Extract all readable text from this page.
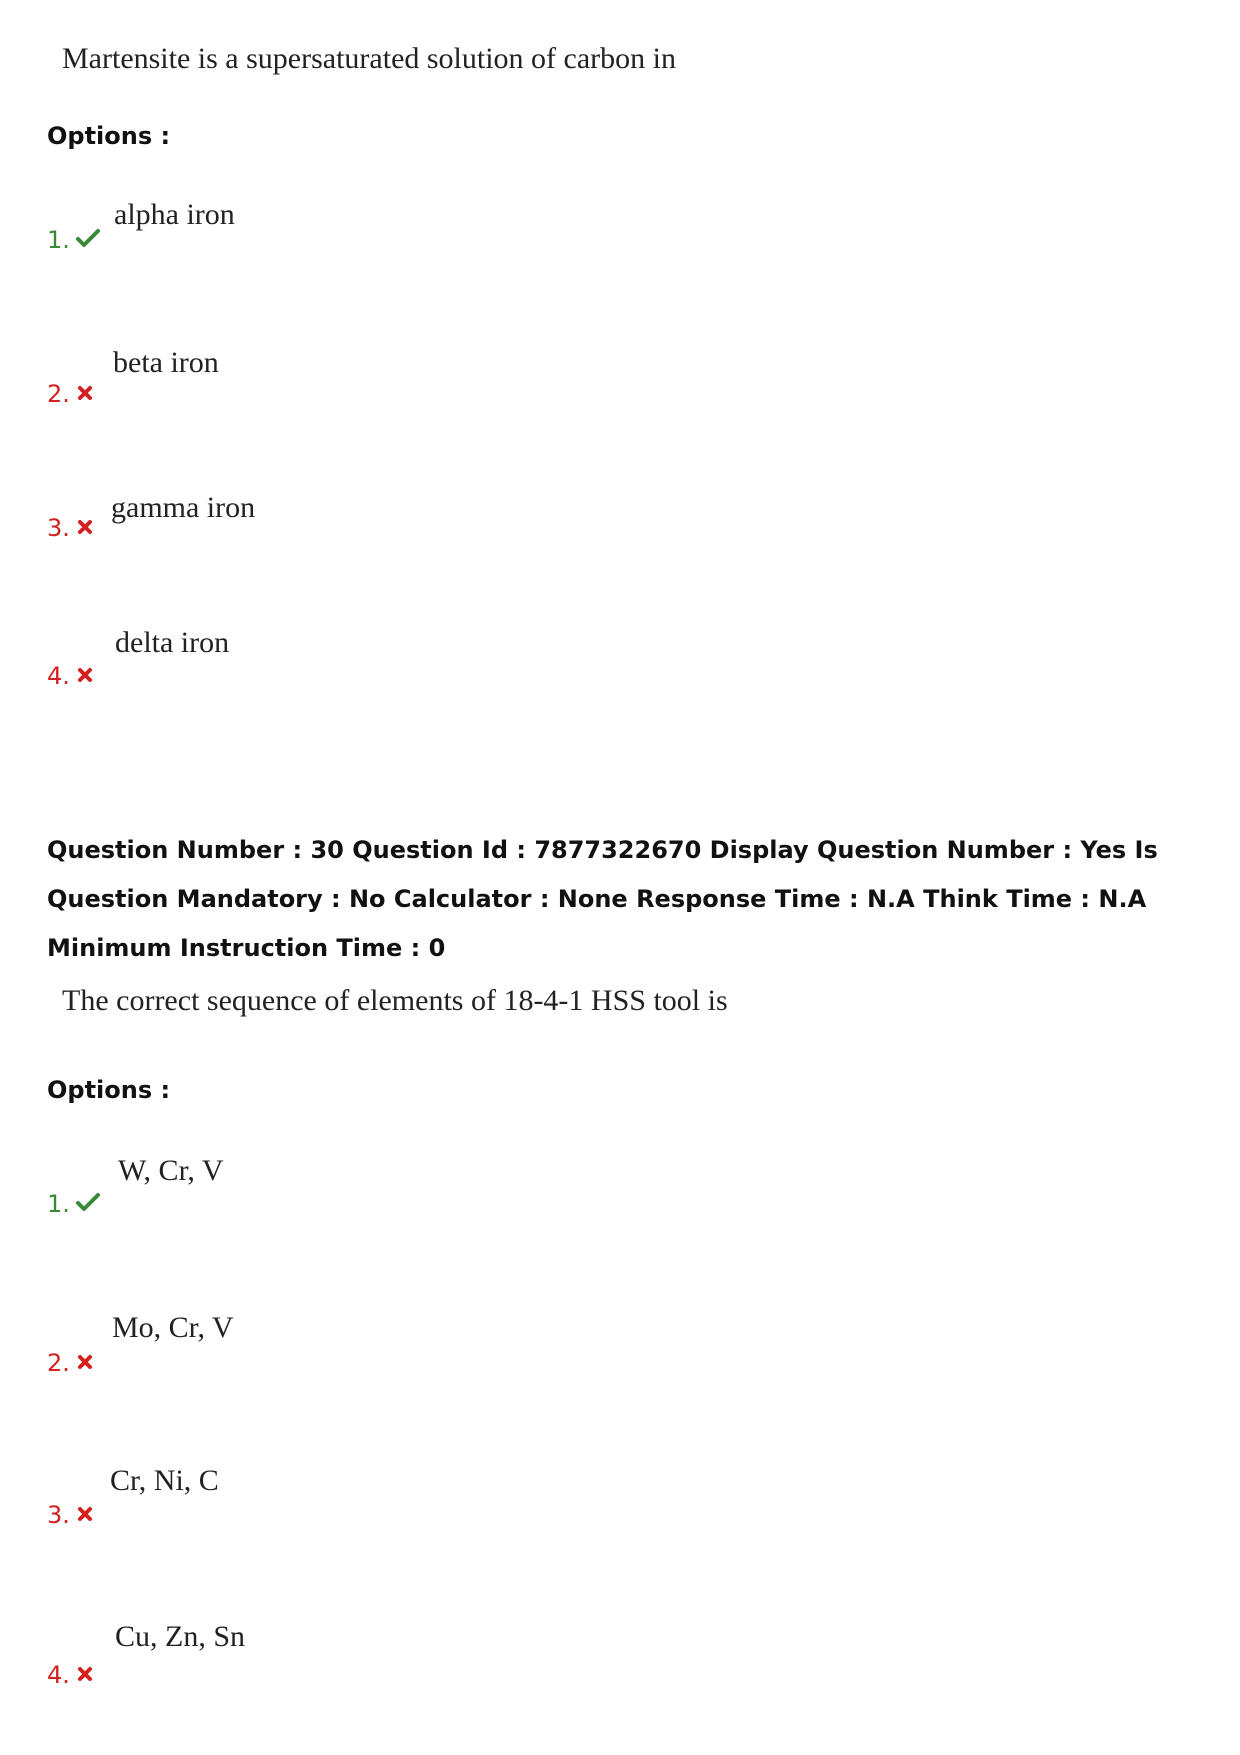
Martensite is a supersaturated solution of carbon in
Options :
1.
alpha iron
2.
beta iron
3.
gamma iron
4.
delta iron
Question Number : 30 Question Id : 7877322670 Display Question Number : Yes Is Question Mandatory : No Calculator : None Response Time : N.A Think Time : N.A Minimum Instruction Time : 0
The correct sequence of elements of 18-4-1 HSS tool is
Options :
1.
W, Cr, V
2.
Mo, Cr, V
3.
Cr, Ni, C
4.
Cu, Zn, Sn
